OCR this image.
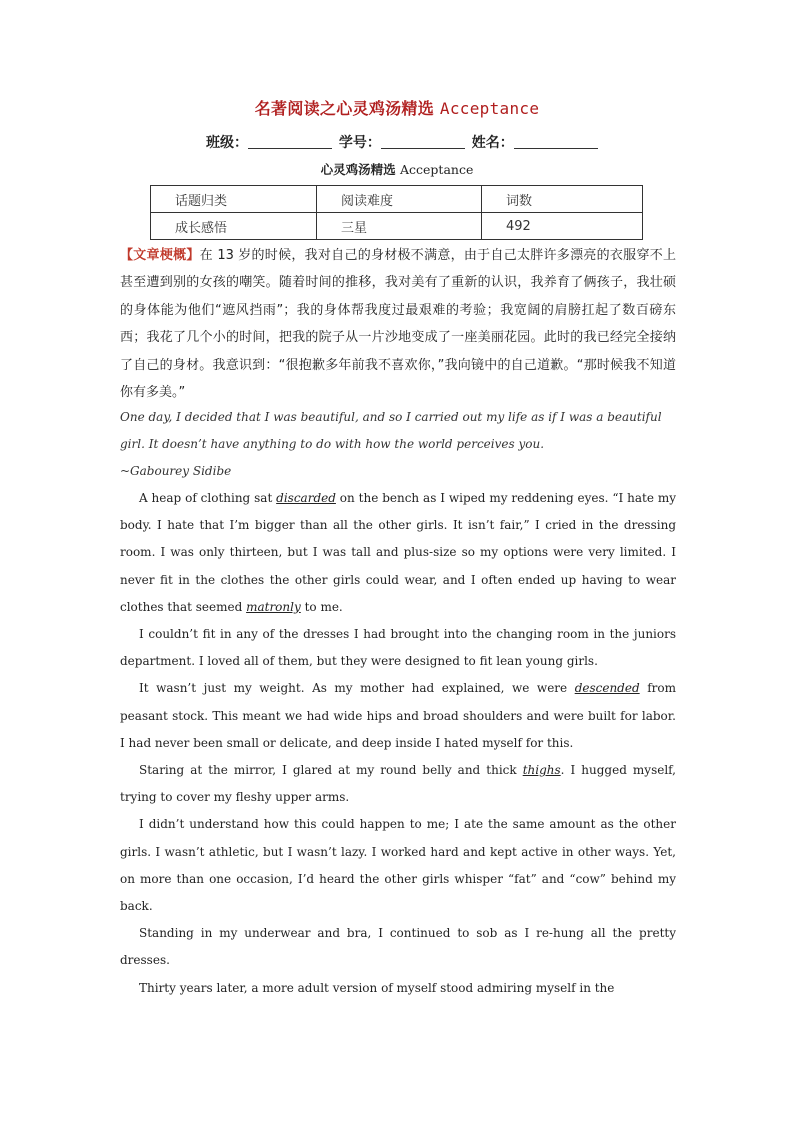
名著阅读之心灵鸡汤精选 Acceptance
班级：	学号：	姓名：
心灵鸡汤精选 Acceptance
话题归类	阅读难度	词数
成长感悟	三星	492
【文章梗概】在 13 岁的时候，我对自己的身材极不满意，由于自己太胖许多漂亮的衣服穿不上甚至遭到别的女孩的嘲笑。随着时间的推移，我对美有了重新的认识，我养育了俩孩子，我壮硕的身体能为他们“遮风挡雨”；我的身体帮我度过最艰难的考验；我宽阔的肩膀扛起了数百磅东西；我花了几个小的时间，把我的院子从一片沙地变成了一座美丽花园。此时的我已经完全接纳了自己的身材。我意识到：“很抱歉多年前我不喜欢你，”我向镜中的自己道歉。“那时候我不知道你有多美。”
One day, I decided that I was beautiful, and so I carried out my life as if I was a beautiful girl. It doesn’t have anything to do with how the world perceives you.
~Gabourey Sidibe

A heap of clothing sat discarded on the bench as I wiped my reddening eyes. “I hate my body. I hate that I’m bigger than all the other girls. It isn’t fair,” I cried in the dressing room. I was only thirteen, but I was tall and plus-size so my options were very limited. I never fit in the clothes the other girls could wear, and I often ended up having to wear clothes that seemed matronly to me.

I couldn’t fit in any of the dresses I had brought into the changing room in the juniors department. I loved all of them, but they were designed to fit lean young girls.

It wasn’t just my weight. As my mother had explained, we were descended from peasant stock. This meant we had wide hips and broad shoulders and were built for labor. I had never been small or delicate, and deep inside I hated myself for this.

Staring at the mirror, I glared at my round belly and thick thighs. I hugged myself, trying to cover my fleshy upper arms.

I didn’t understand how this could happen to me; I ate the same amount as the other girls. I wasn’t athletic, but I wasn’t lazy. I worked hard and kept active in other ways. Yet, on more than one occasion, I’d heard the other girls whisper “fat” and “cow” behind my back.

Standing in my underwear and bra, I continued to sob as I re-hung all the pretty dresses.

Thirty years later, a more adult version of myself stood admiring myself in the
